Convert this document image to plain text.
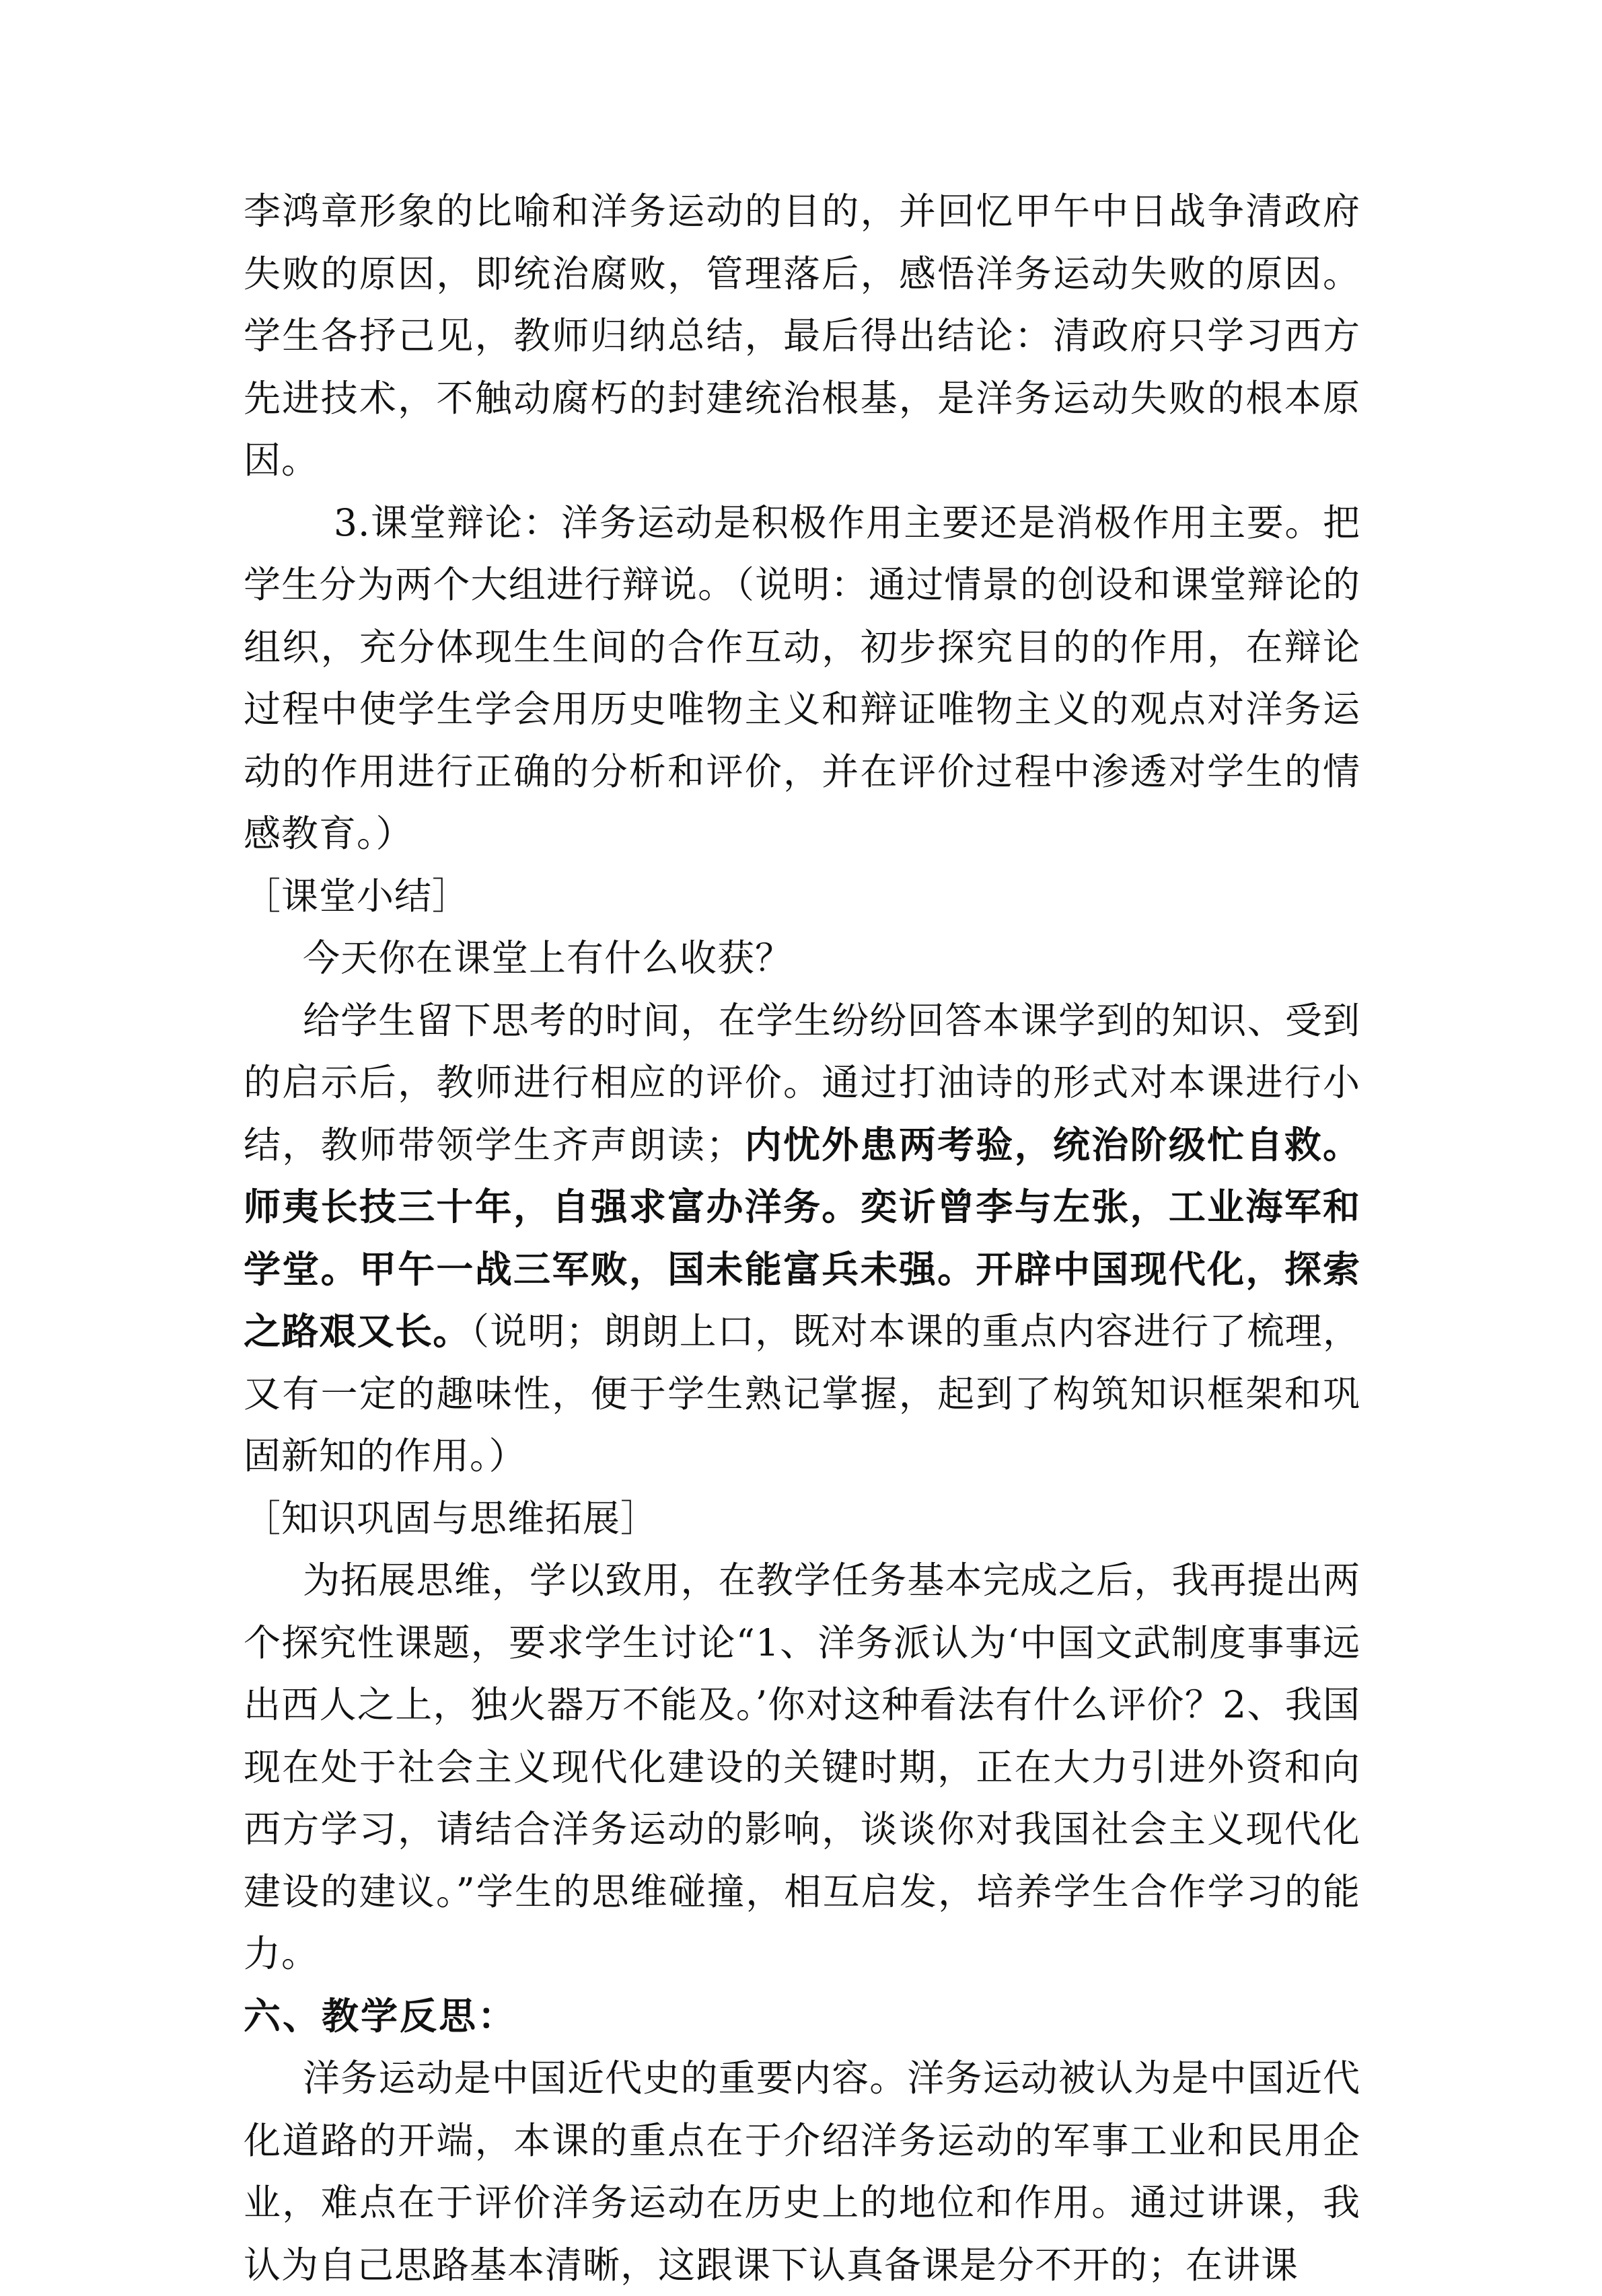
李鸿章形象的比喻和洋务运动的目的，并回忆甲午中日战争清政府失败的原因，即统治腐败，管理落后，感悟洋务运动失败的原因。学生各抒己见，教师归纳总结，最后得出结论：清政府只学习西方先进技术，不触动腐朽的封建统治根基，是洋务运动失败的根本原因。

3.课堂辩论：洋务运动是积极作用主要还是消极作用主要。把学生分为两个大组进行辩说。（说明：通过情景的创设和课堂辩论的组织，充分体现生生间的合作互动，初步探究目的的作用，在辩论过程中使学生学会用历史唯物主义和辩证唯物主义的观点对洋务运动的作用进行正确的分析和评价，并在评价过程中渗透对学生的情感教育。）

［课堂小结］

今天你在课堂上有什么收获？

给学生留下思考的时间，在学生纷纷回答本课学到的知识、受到的启示后，教师进行相应的评价。通过打油诗的形式对本课进行小结，教师带领学生齐声朗读；内忧外患两考验，统治阶级忙自救。师夷长技三十年，自强求富办洋务。奕䜣曾李与左张，工业海军和学堂。甲午一战三军败，国未能富兵未强。开辟中国现代化，探索之路艰又长。（说明；朗朗上口，既对本课的重点内容进行了梳理，又有一定的趣味性，便于学生熟记掌握，起到了构筑知识框架和巩固新知的作用。）

［知识巩固与思维拓展］

为拓展思维，学以致用，在教学任务基本完成之后，我再提出两个探究性课题，要求学生讨论“1、洋务派认为‘中国文武制度事事远出西人之上，独火器万不能及。’你对这种看法有什么评价？2、我国现在处于社会主义现代化建设的关键时期，正在大力引进外资和向西方学习，请结合洋务运动的影响，谈谈你对我国社会主义现代化建设的建议。”学生的思维碰撞，相互启发，培养学生合作学习的能力。

六、教学反思：

洋务运动是中国近代史的重要内容。洋务运动被认为是中国近代化道路的开端，本课的重点在于介绍洋务运动的军事工业和民用企业，难点在于评价洋务运动在历史上的地位和作用。通过讲课，我认为自己思路基本清晰，这跟课下认真备课是分不开的；在讲课
